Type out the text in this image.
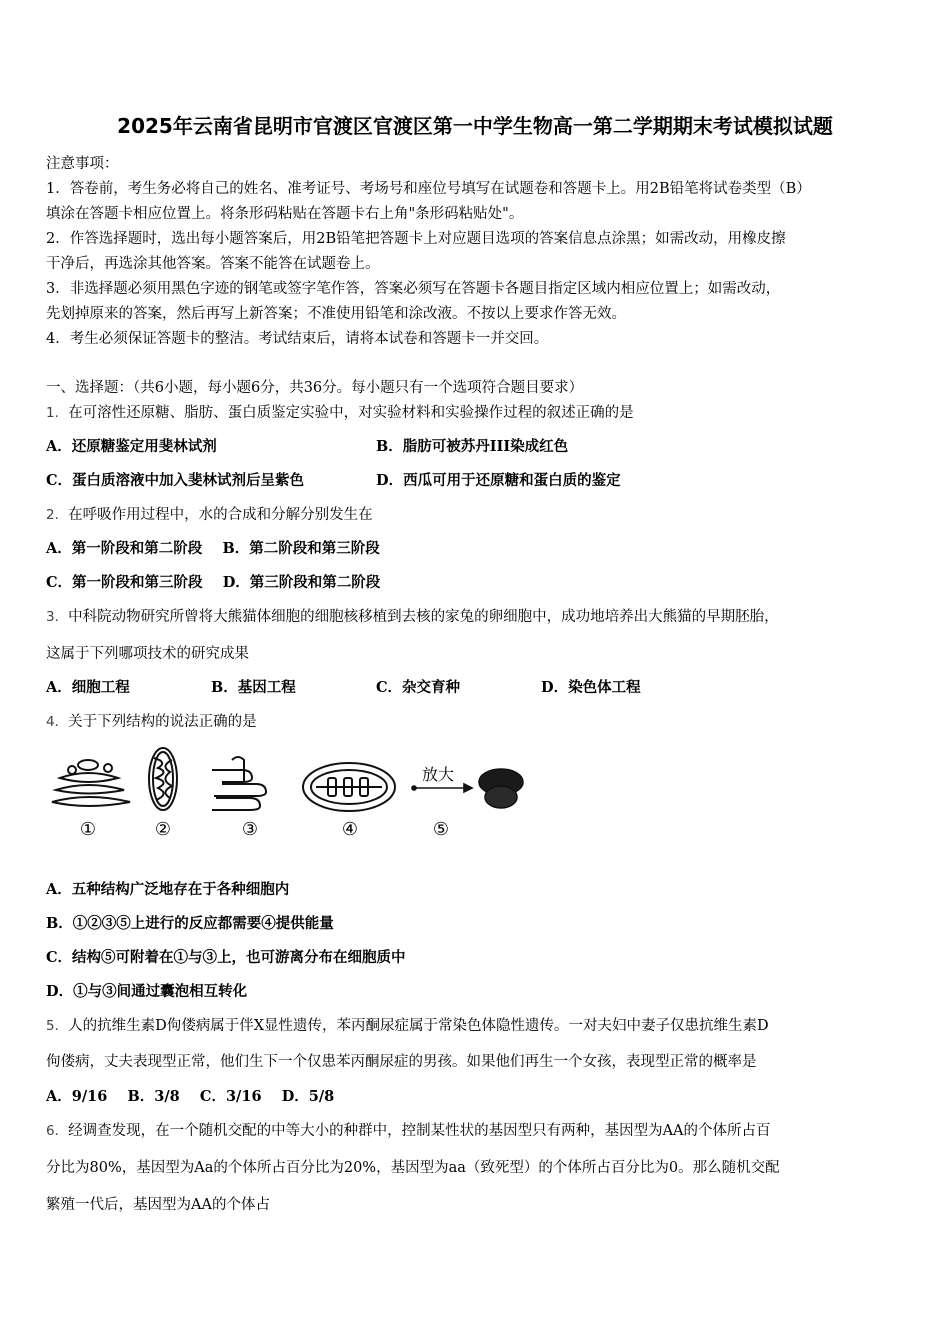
2025年云南省昆明市官渡区官渡区第一中学生物高一第二学期期末考试模拟试题
注意事项：
1．答卷前，考生务必将自己的姓名、准考证号、考场号和座位号填写在试题卷和答题卡上。用2B铅笔将试卷类型（B）
填涂在答题卡相应位置上。将条形码粘贴在答题卡右上角"条形码粘贴处"。
2．作答选择题时，选出每小题答案后，用2B铅笔把答题卡上对应题目选项的答案信息点涂黑；如需改动，用橡皮擦
干净后，再选涂其他答案。答案不能答在试题卷上。
3．非选择题必须用黑色字迹的钢笔或签字笔作答，答案必须写在答题卡各题目指定区域内相应位置上；如需改动，
先划掉原来的答案，然后再写上新答案；不准使用铅笔和涂改液。不按以上要求作答无效。
4．考生必须保证答题卡的整洁。考试结束后，请将本试卷和答题卡一并交回。
一、选择题：（共6小题，每小题6分，共36分。每小题只有一个选项符合题目要求）
1．在可溶性还原糖、脂肪、蛋白质鉴定实验中，对实验材料和实验操作过程的叙述正确的是
A．还原糖鉴定用斐林试剂	B．脂肪可被苏丹III染成红色
C．蛋白质溶液中加入斐林试剂后呈紫色	D．西瓜可用于还原糖和蛋白质的鉴定
2．在呼吸作用过程中，水的合成和分解分别发生在
A．第一阶段和第二阶段    B．第二阶段和第三阶段
C．第一阶段和第三阶段    D．第三阶段和第二阶段
3．中科院动物研究所曾将大熊猫体细胞的细胞核移植到去核的家兔的卵细胞中，成功地培养出大熊猫的早期胚胎，
这属于下列哪项技术的研究成果
A．细胞工程	B．基因工程	C．杂交育种	D．染色体工程
4．关于下列结构的说法正确的是
放大
①	②	③	④	⑤
A．五种结构广泛地存在于各种细胞内
B．①②③⑤上进行的反应都需要④提供能量
C．结构⑤可附着在①与③上，也可游离分布在细胞质中
D．①与③间通过囊泡相互转化
5．人的抗维生素D佝偻病属于伴X显性遗传，苯丙酮尿症属于常染色体隐性遗传。一对夫妇中妻子仅患抗维生素D
佝偻病，丈夫表现型正常，他们生下一个仅患苯丙酮尿症的男孩。如果他们再生一个女孩，表现型正常的概率是
A．9/16    B．3/8    C．3/16    D．5/8
6．经调查发现，在一个随机交配的中等大小的种群中，控制某性状的基因型只有两种，基因型为AA的个体所占百
分比为80%，基因型为Aa的个体所占百分比为20%，基因型为aa（致死型）的个体所占百分比为0。那么随机交配
繁殖一代后，基因型为AA的个体占
